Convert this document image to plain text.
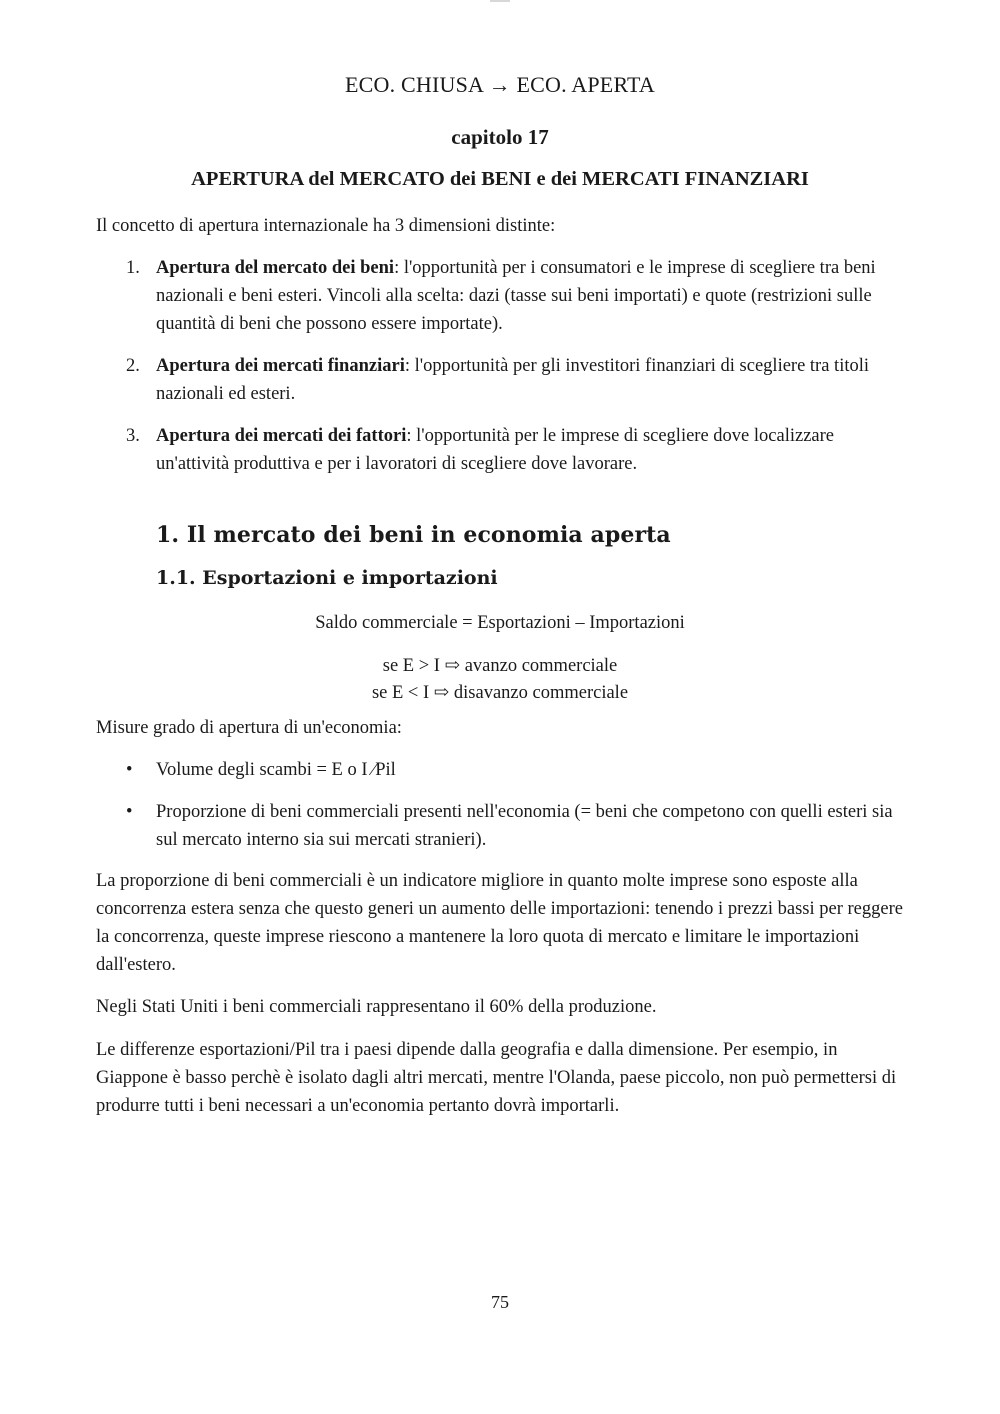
ECO. CHIUSA → ECO. APERTA
capitolo 17
APERTURA del MERCATO dei BENI e dei MERCATI FINANZIARI
Il concetto di apertura internazionale ha 3 dimensioni distinte:
1. Apertura del mercato dei beni: l'opportunità per i consumatori e le imprese di scegliere tra beni nazionali e beni esteri. Vincoli alla scelta: dazi (tasse sui beni importati) e quote (restrizioni sulle quantità di beni che possono essere importate).
2. Apertura dei mercati finanziari: l'opportunità per gli investitori finanziari di scegliere tra titoli nazionali ed esteri.
3. Apertura dei mercati dei fattori: l'opportunità per le imprese di scegliere dove localizzare un'attività produttiva e per i lavoratori di scegliere dove lavorare.
1. Il mercato dei beni in economia aperta
1.1. Esportazioni e importazioni
Saldo commerciale = Esportazioni – Importazioni
se E > I ⇨ avanzo commerciale
se E < I ⇨ disavanzo commerciale
Misure grado di apertura di un'economia:
• Volume degli scambi = E o I ∕Pil
• Proporzione di beni commerciali presenti nell'economia (= beni che competono con quelli esteri sia sul mercato interno sia sui mercati stranieri).
La proporzione di beni commerciali è un indicatore migliore in quanto molte imprese sono esposte alla concorrenza estera senza che questo generi un aumento delle importazioni: tenendo i prezzi bassi per reggere la concorrenza, queste imprese riescono a mantenere la loro quota di mercato e limitare le importazioni dall'estero.
Negli Stati Uniti i beni commerciali rappresentano il 60% della produzione.
Le differenze esportazioni/Pil tra i paesi dipende dalla geografia e dalla dimensione. Per esempio, in Giappone è basso perchè è isolato dagli altri mercati, mentre l'Olanda, paese piccolo, non può permettersi di produrre tutti i beni necessari a un'economia pertanto dovrà importarli.
75
